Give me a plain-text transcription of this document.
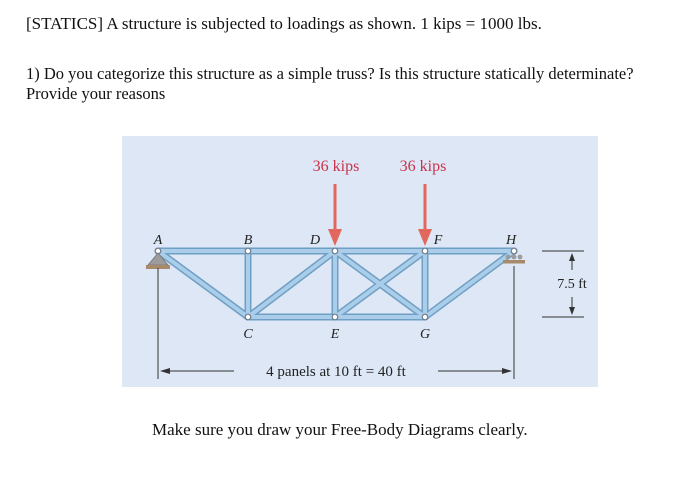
[STATICS] A structure is subjected to loadings as shown. 1 kips = 1000 lbs.
1) Do you categorize this structure as a simple truss? Is this structure statically determinate? Provide your reasons
36 kips	36 kips
A	B	D	F	H
C	E	G
7.5 ft
4 panels at 10 ft = 40 ft
Make sure you draw your Free-Body Diagrams clearly.
